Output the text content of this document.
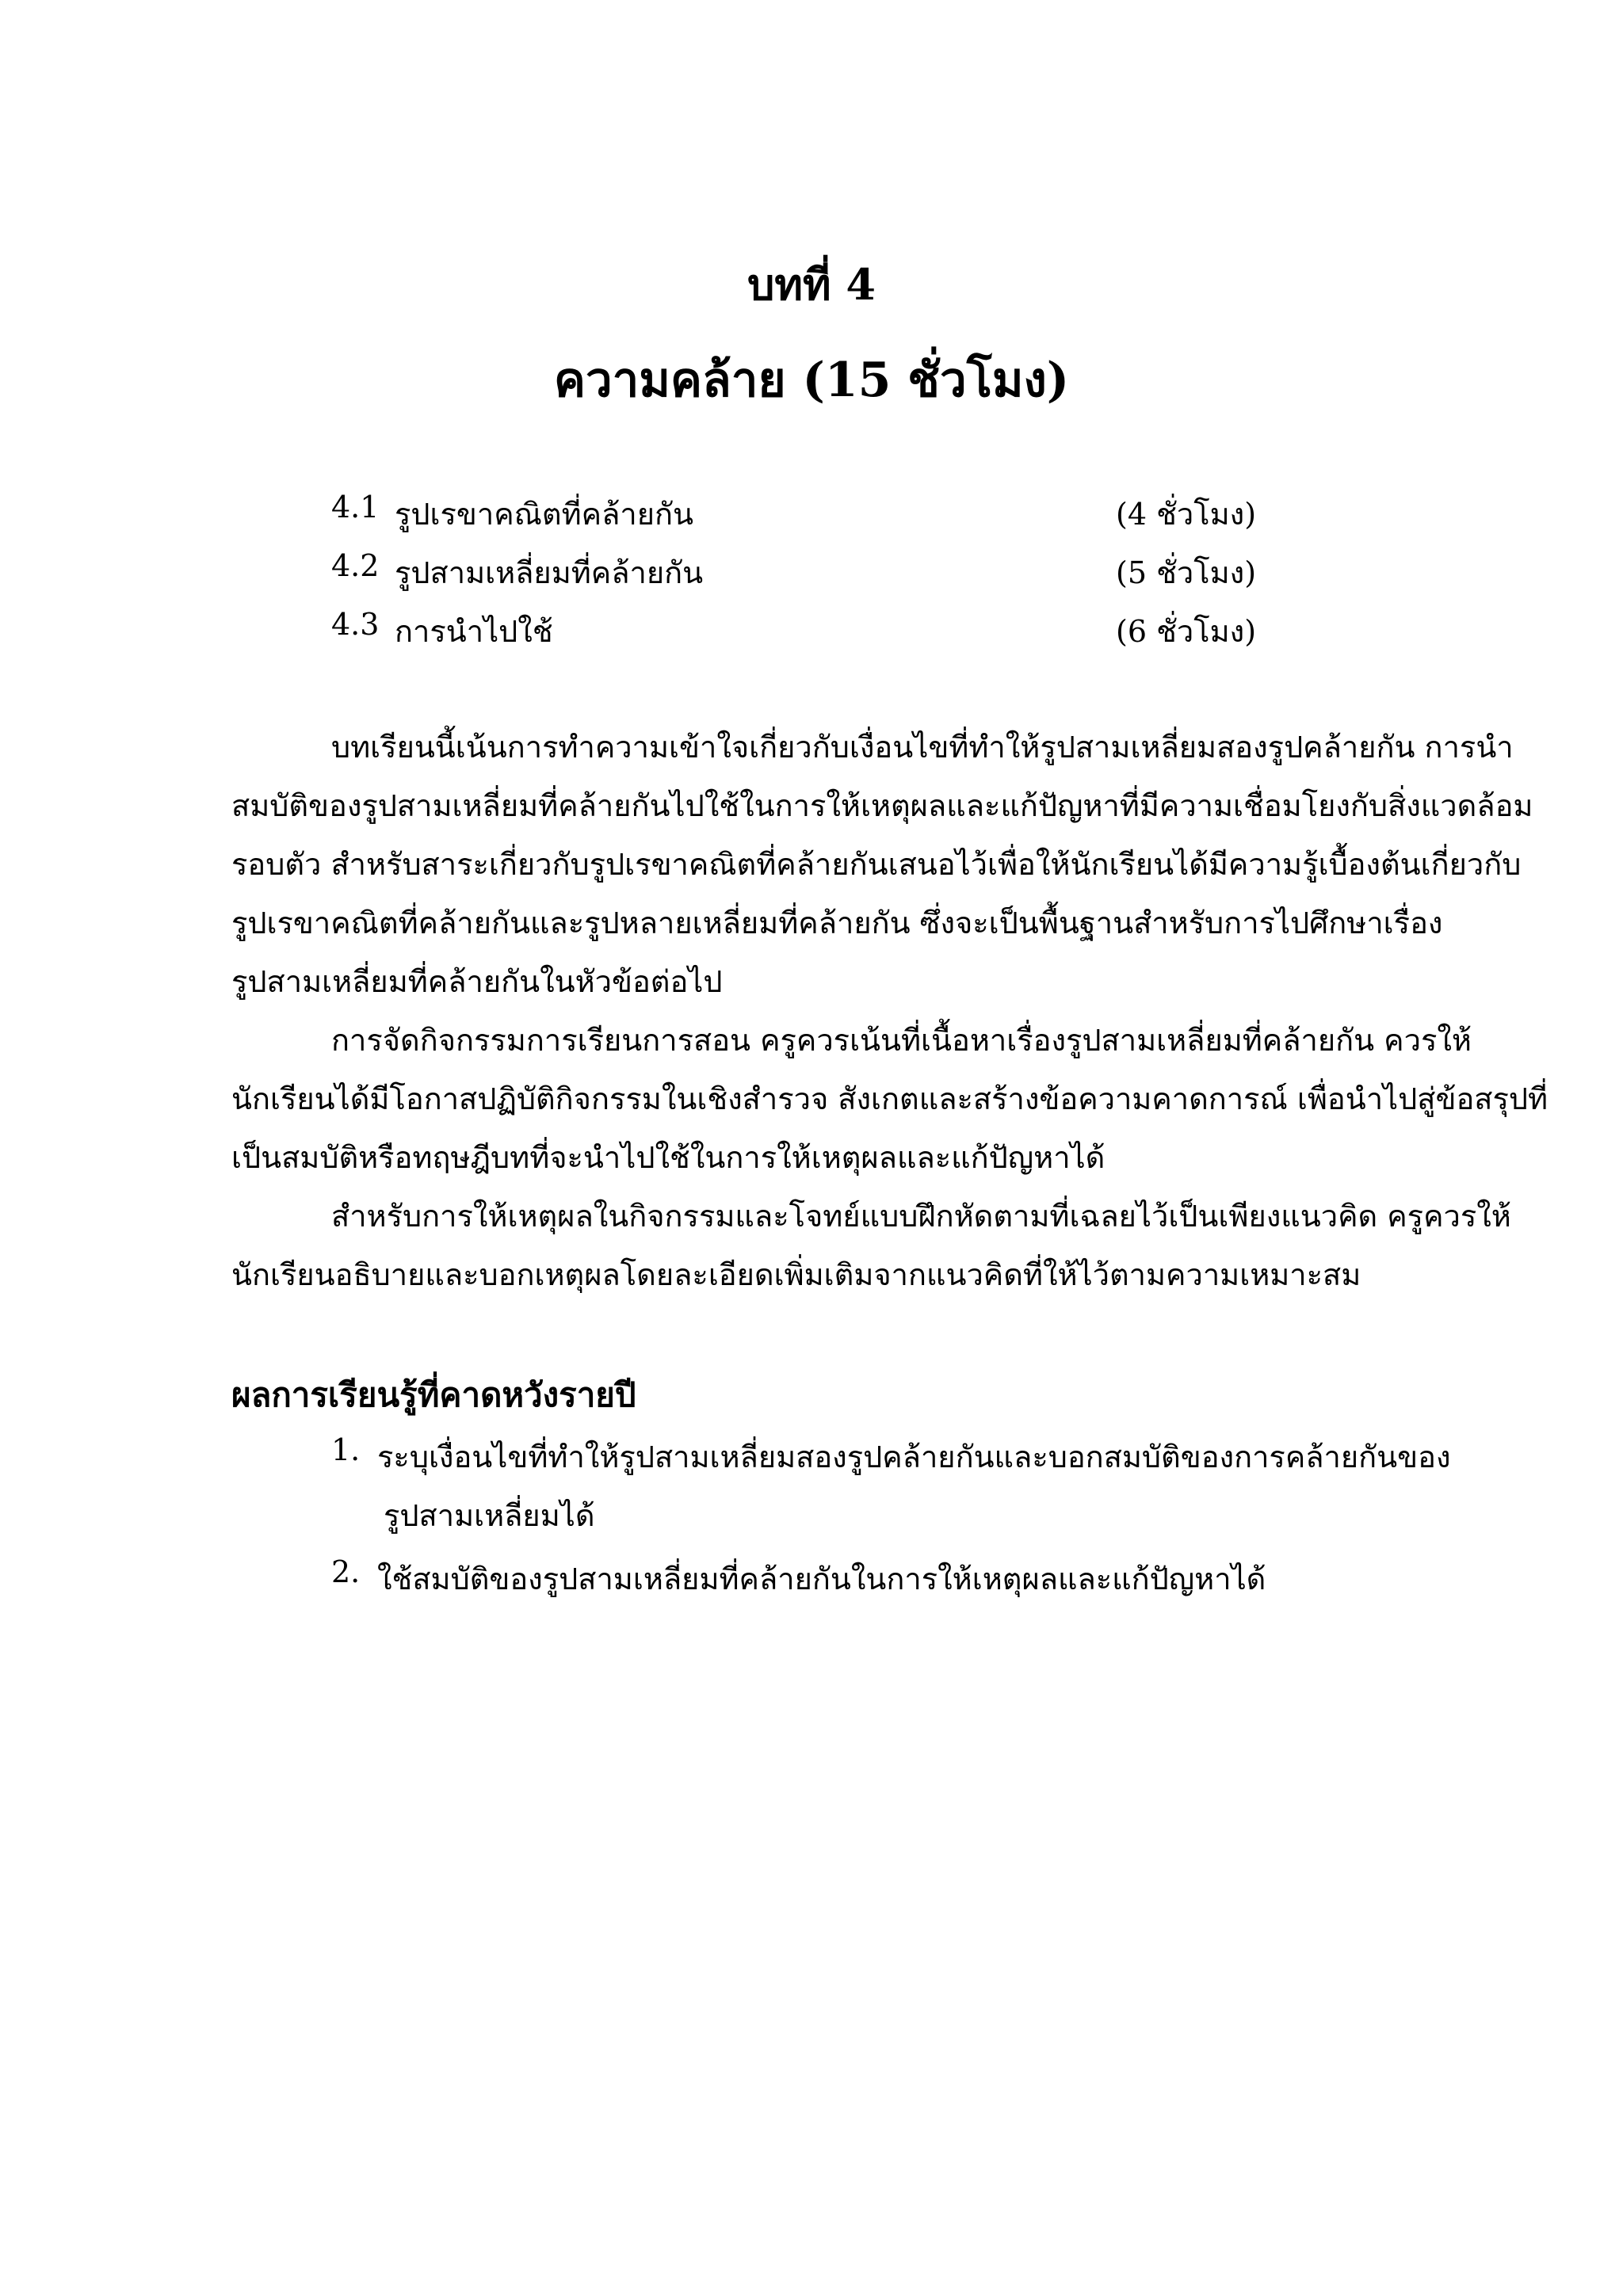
บทที่ 4
ความคล้าย (15 ชั่วโมง)
4.1 รูปเรขาคณิตที่คล้ายกัน	(4 ชั่วโมง)
4.2 รูปสามเหลี่ยมที่คล้ายกัน	(5 ชั่วโมง)
4.3 การนำไปใช้	(6 ชั่วโมง)
บทเรียนนี้เน้นการทำความเข้าใจเกี่ยวกับเงื่อนไขที่ทำให้รูปสามเหลี่ยมสองรูปคล้ายกัน การนำ
สมบัติของรูปสามเหลี่ยมที่คล้ายกันไปใช้ในการให้เหตุผลและแก้ปัญหาที่มีความเชื่อมโยงกับสิ่งแวดล้อม
รอบตัว สำหรับสาระเกี่ยวกับรูปเรขาคณิตที่คล้ายกันเสนอไว้เพื่อให้นักเรียนได้มีความรู้เบื้องต้นเกี่ยวกับ
รูปเรขาคณิตที่คล้ายกันและรูปหลายเหลี่ยมที่คล้ายกัน ซึ่งจะเป็นพื้นฐานสำหรับการไปศึกษาเรื่อง
รูปสามเหลี่ยมที่คล้ายกันในหัวข้อต่อไป
การจัดกิจกรรมการเรียนการสอน ครูควรเน้นที่เนื้อหาเรื่องรูปสามเหลี่ยมที่คล้ายกัน ควรให้
นักเรียนได้มีโอกาสปฏิบัติกิจกรรมในเชิงสำรวจ สังเกตและสร้างข้อความคาดการณ์ เพื่อนำไปสู่ข้อสรุปที่
เป็นสมบัติหรือทฤษฎีบทที่จะนำไปใช้ในการให้เหตุผลและแก้ปัญหาได้
สำหรับการให้เหตุผลในกิจกรรมและโจทย์แบบฝึกหัดตามที่เฉลยไว้เป็นเพียงแนวคิด ครูควรให้
นักเรียนอธิบายและบอกเหตุผลโดยละเอียดเพิ่มเติมจากแนวคิดที่ให้ไว้ตามความเหมาะสม
ผลการเรียนรู้ที่คาดหวังรายปี
1. ระบุเงื่อนไขที่ทำให้รูปสามเหลี่ยมสองรูปคล้ายกันและบอกสมบัติของการคล้ายกันของ
รูปสามเหลี่ยมได้
2. ใช้สมบัติของรูปสามเหลี่ยมที่คล้ายกันในการให้เหตุผลและแก้ปัญหาได้
